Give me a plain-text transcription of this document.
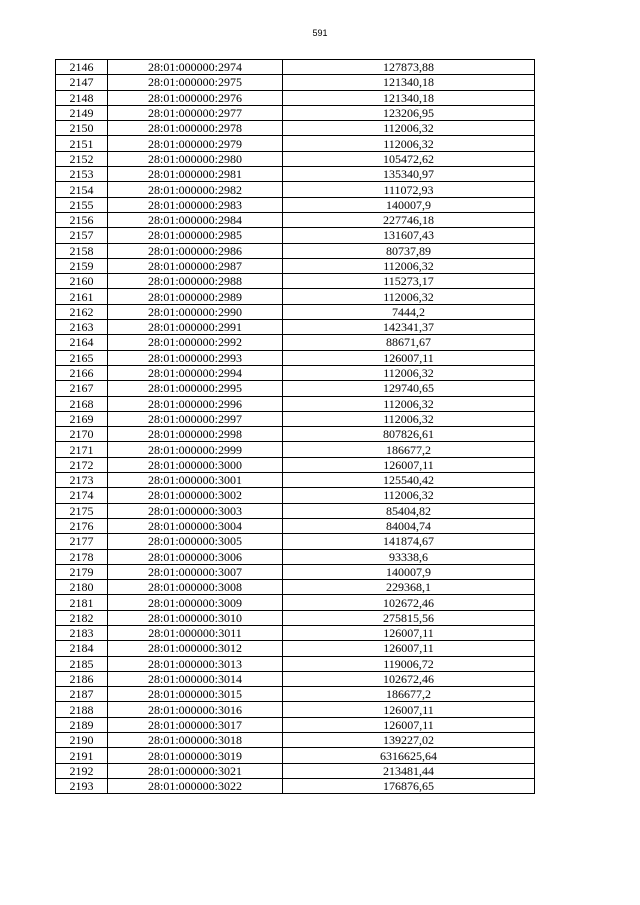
591
2146	28:01:000000:2974	127873,88
2147	28:01:000000:2975	121340,18
2148	28:01:000000:2976	121340,18
2149	28:01:000000:2977	123206,95
2150	28:01:000000:2978	112006,32
2151	28:01:000000:2979	112006,32
2152	28:01:000000:2980	105472,62
2153	28:01:000000:2981	135340,97
2154	28:01:000000:2982	111072,93
2155	28:01:000000:2983	140007,9
2156	28:01:000000:2984	227746,18
2157	28:01:000000:2985	131607,43
2158	28:01:000000:2986	80737,89
2159	28:01:000000:2987	112006,32
2160	28:01:000000:2988	115273,17
2161	28:01:000000:2989	112006,32
2162	28:01:000000:2990	7444,2
2163	28:01:000000:2991	142341,37
2164	28:01:000000:2992	88671,67
2165	28:01:000000:2993	126007,11
2166	28:01:000000:2994	112006,32
2167	28:01:000000:2995	129740,65
2168	28:01:000000:2996	112006,32
2169	28:01:000000:2997	112006,32
2170	28:01:000000:2998	807826,61
2171	28:01:000000:2999	186677,2
2172	28:01:000000:3000	126007,11
2173	28:01:000000:3001	125540,42
2174	28:01:000000:3002	112006,32
2175	28:01:000000:3003	85404,82
2176	28:01:000000:3004	84004,74
2177	28:01:000000:3005	141874,67
2178	28:01:000000:3006	93338,6
2179	28:01:000000:3007	140007,9
2180	28:01:000000:3008	229368,1
2181	28:01:000000:3009	102672,46
2182	28:01:000000:3010	275815,56
2183	28:01:000000:3011	126007,11
2184	28:01:000000:3012	126007,11
2185	28:01:000000:3013	119006,72
2186	28:01:000000:3014	102672,46
2187	28:01:000000:3015	186677,2
2188	28:01:000000:3016	126007,11
2189	28:01:000000:3017	126007,11
2190	28:01:000000:3018	139227,02
2191	28:01:000000:3019	6316625,64
2192	28:01:000000:3021	213481,44
2193	28:01:000000:3022	176876,65
